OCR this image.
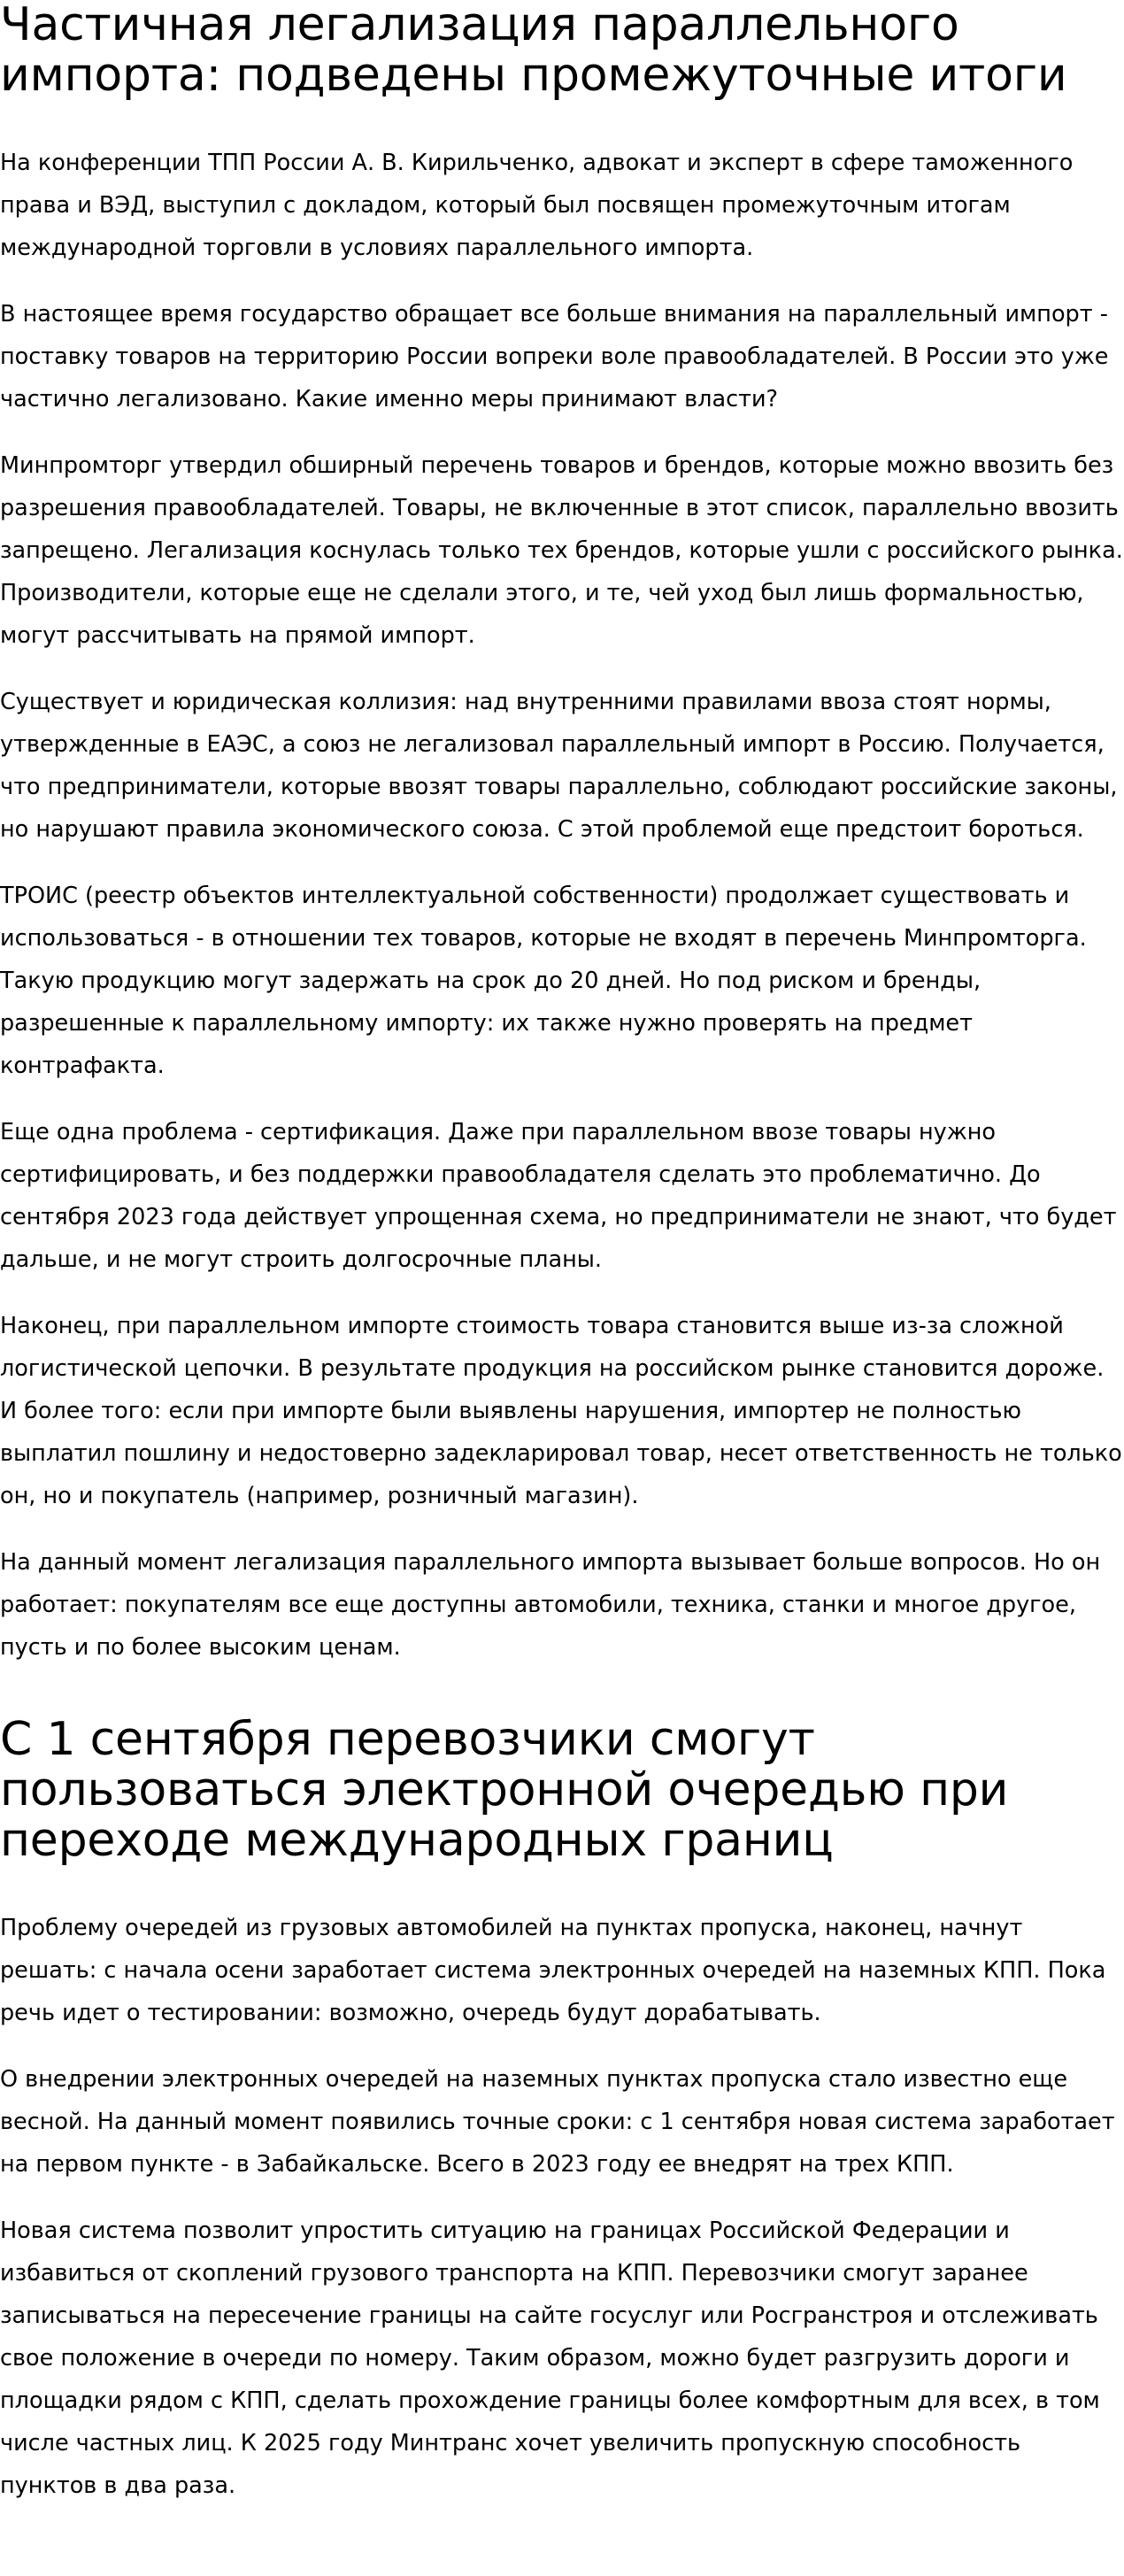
Частичная легализация параллельного импорта: подведены промежуточные итоги

На конференции ТПП России А. В. Кирильченко, адвокат и эксперт в сфере таможенного права и ВЭД, выступил с докладом, который был посвящен промежуточным итогам международной торговли в условиях параллельного импорта.

В настоящее время государство обращает все больше внимания на параллельный импорт - поставку товаров на территорию России вопреки воле правообладателей. В России это уже частично легализовано. Какие именно меры принимают власти?

Минпромторг утвердил обширный перечень товаров и брендов, которые можно ввозить без разрешения правообладателей. Товары, не включенные в этот список, параллельно ввозить запрещено. Легализация коснулась только тех брендов, которые ушли с российского рынка. Производители, которые еще не сделали этого, и те, чей уход был лишь формальностью, могут рассчитывать на прямой импорт.

Существует и юридическая коллизия: над внутренними правилами ввоза стоят нормы, утвержденные в ЕАЭС, а союз не легализовал параллельный импорт в Россию. Получается, что предприниматели, которые ввозят товары параллельно, соблюдают российские законы, но нарушают правила экономического союза. С этой проблемой еще предстоит бороться.

ТРОИС (реестр объектов интеллектуальной собственности) продолжает существовать и использоваться - в отношении тех товаров, которые не входят в перечень Минпромторга. Такую продукцию могут задержать на срок до 20 дней. Но под риском и бренды, разрешенные к параллельному импорту: их также нужно проверять на предмет контрафакта.

Еще одна проблема - сертификация. Даже при параллельном ввозе товары нужно сертифицировать, и без поддержки правообладателя сделать это проблематично. До сентября 2023 года действует упрощенная схема, но предприниматели не знают, что будет дальше, и не могут строить долгосрочные планы.

Наконец, при параллельном импорте стоимость товара становится выше из-за сложной логистической цепочки. В результате продукция на российском рынке становится дороже. И более того: если при импорте были выявлены нарушения, импортер не полностью выплатил пошлину и недостоверно задекларировал товар, несет ответственность не только он, но и покупатель (например, розничный магазин).

На данный момент легализация параллельного импорта вызывает больше вопросов. Но он работает: покупателям все еще доступны автомобили, техника, станки и многое другое, пусть и по более высоким ценам.

С 1 сентября перевозчики смогут пользоваться электронной очередью при переходе международных границ

Проблему очередей из грузовых автомобилей на пунктах пропуска, наконец, начнут решать: с начала осени заработает система электронных очередей на наземных КПП. Пока речь идет о тестировании: возможно, очередь будут дорабатывать.

О внедрении электронных очередей на наземных пунктах пропуска стало известно еще весной. На данный момент появились точные сроки: с 1 сентября новая система заработает на первом пункте - в Забайкальске. Всего в 2023 году ее внедрят на трех КПП.

Новая система позволит упростить ситуацию на границах Российской Федерации и избавиться от скоплений грузового транспорта на КПП. Перевозчики смогут заранее записываться на пересечение границы на сайте госуслуг или Росгранстроя и отслеживать свое положение в очереди по номеру. Таким образом, можно будет разгрузить дороги и площадки рядом с КПП, сделать прохождение границы более комфортным для всех, в том числе частных лиц. К 2025 году Минтранс хочет увеличить пропускную способность пунктов в два раза.
